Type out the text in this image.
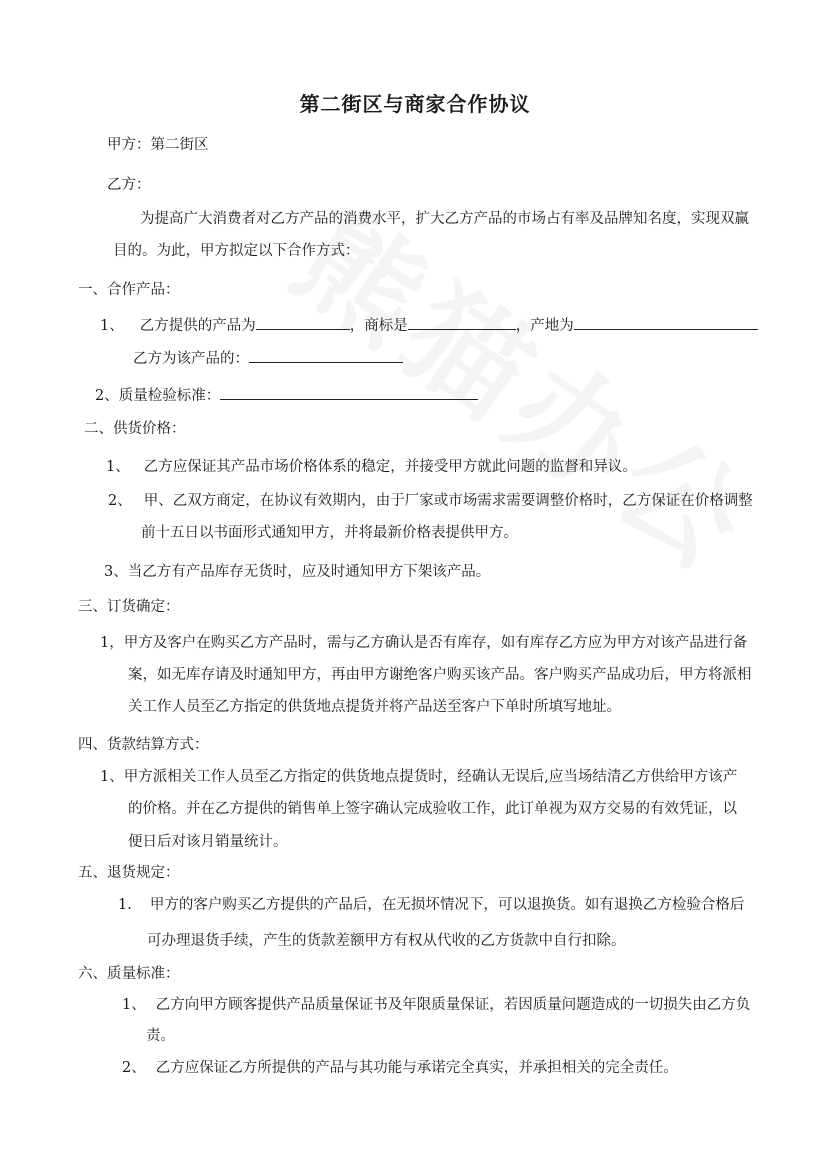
第二街区与商家合作协议
甲方：第二街区
乙方：
为提高广大消费者对乙方产品的消费水平，扩大乙方产品的市场占有率及品牌知名度，实现双赢
目的。为此，甲方拟定以下合作方式：
一、合作产品：
1、 乙方提供的产品为	，商标是	，产地为
乙方为该产品的：
2、质量检验标准：
二、供货价格：
1、 乙方应保证其产品市场价格体系的稳定，并接受甲方就此问题的监督和异议。
2、 甲、乙双方商定，在协议有效期内，由于厂家或市场需求需要调整价格时，乙方保证在价格调整
前十五日以书面形式通知甲方，并将最新价格表提供甲方。
3、当乙方有产品库存无货时，应及时通知甲方下架该产品。
三、订货确定：
1，甲方及客户在购买乙方产品时，需与乙方确认是否有库存，如有库存乙方应为甲方对该产品进行备
案，如无库存请及时通知甲方，再由甲方谢绝客户购买该产品。客户购买产品成功后，甲方将派相
关工作人员至乙方指定的供货地点提货并将产品送至客户下单时所填写地址。
四、货款结算方式：
1、甲方派相关工作人员至乙方指定的供货地点提货时，经确认无误后,应当场结清乙方供给甲方该产
的价格。并在乙方提供的销售单上签字确认完成验收工作，此订单视为双方交易的有效凭证，以
便日后对该月销量统计。
五、退货规定：
1. 甲方的客户购买乙方提供的产品后，在无损坏情况下，可以退换货。如有退换乙方检验合格后
可办理退货手续，产生的货款差额甲方有权从代收的乙方货款中自行扣除。
六、质量标准：
1、 乙方向甲方顾客提供产品质量保证书及年限质量保证，若因质量问题造成的一切损失由乙方负
责。
2、 乙方应保证乙方所提供的产品与其功能与承诺完全真实，并承担相关的完全责任。
